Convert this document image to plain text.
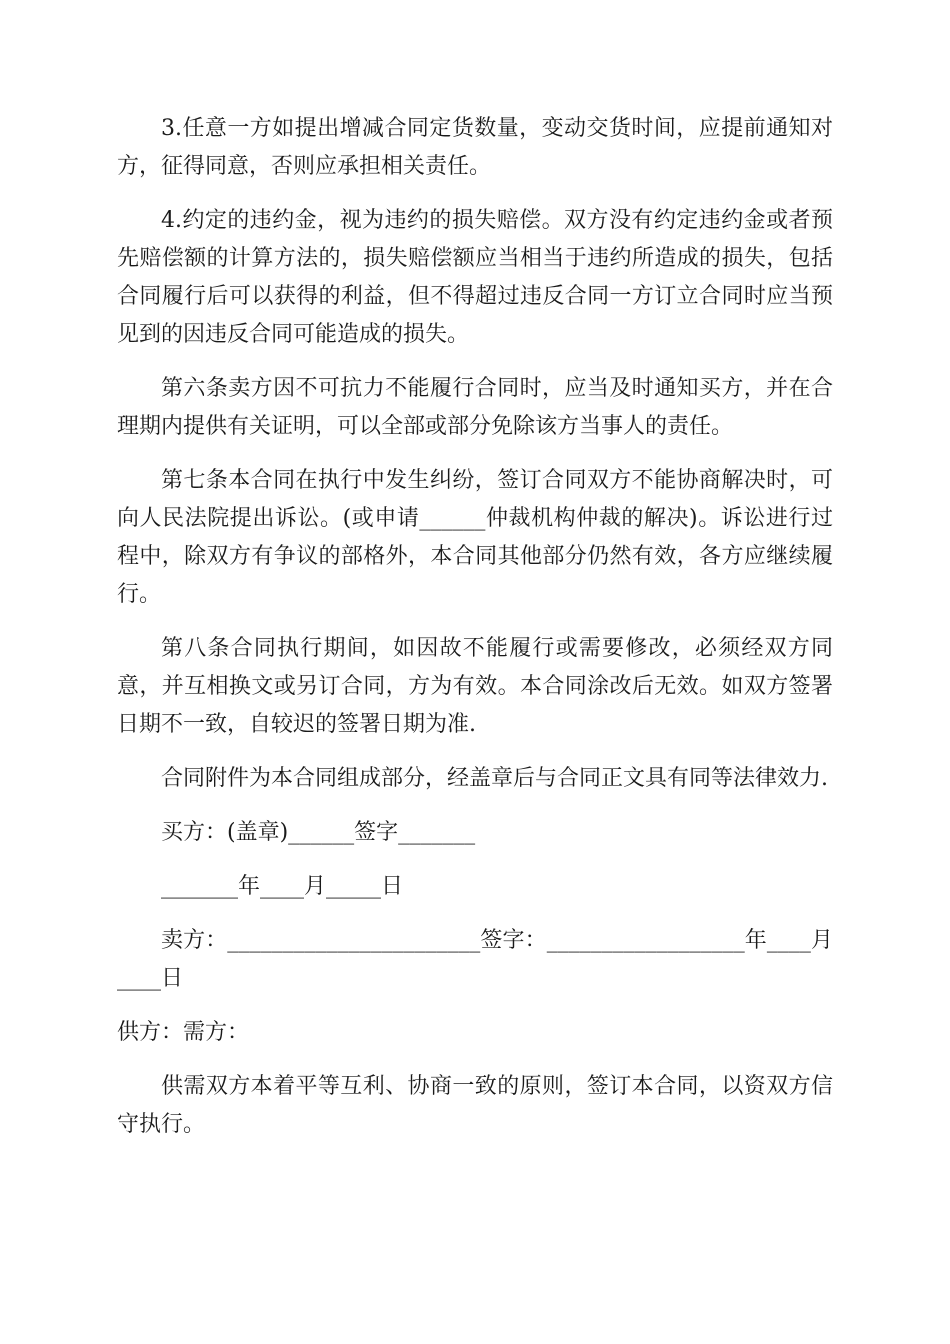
3.任意一方如提出增减合同定货数量，变动交货时间，应提前通知对方，征得同意，否则应承担相关责任。

4.约定的违约金，视为违约的损失赔偿。双方没有约定违约金或者预先赔偿额的计算方法的，损失赔偿额应当相当于违约所造成的损失，包括合同履行后可以获得的利益，但不得超过违反合同一方订立合同时应当预见到的因违反合同可能造成的损失。

第六条卖方因不可抗力不能履行合同时，应当及时通知买方，并在合理期内提供有关证明，可以全部或部分免除该方当事人的责任。

第七条本合同在执行中发生纠纷，签订合同双方不能协商解决时，可向人民法院提出诉讼。(或申请______仲裁机构仲裁的解决)。诉讼进行过程中，除双方有争议的部格外，本合同其他部分仍然有效，各方应继续履行。

第八条合同执行期间，如因故不能履行或需要修改，必须经双方同意，并互相换文或另订合同，方为有效。本合同涂改后无效。如双方签署日期不一致，自较迟的签署日期为准.

合同附件为本合同组成部分，经盖章后与合同正文具有同等法律效力.

买方：(盖章)______签字_______

_______年____月_____日

卖方：_______________________签字：__________________年____月____日

供方：需方：

供需双方本着平等互利、协商一致的原则，签订本合同，以资双方信守执行。
